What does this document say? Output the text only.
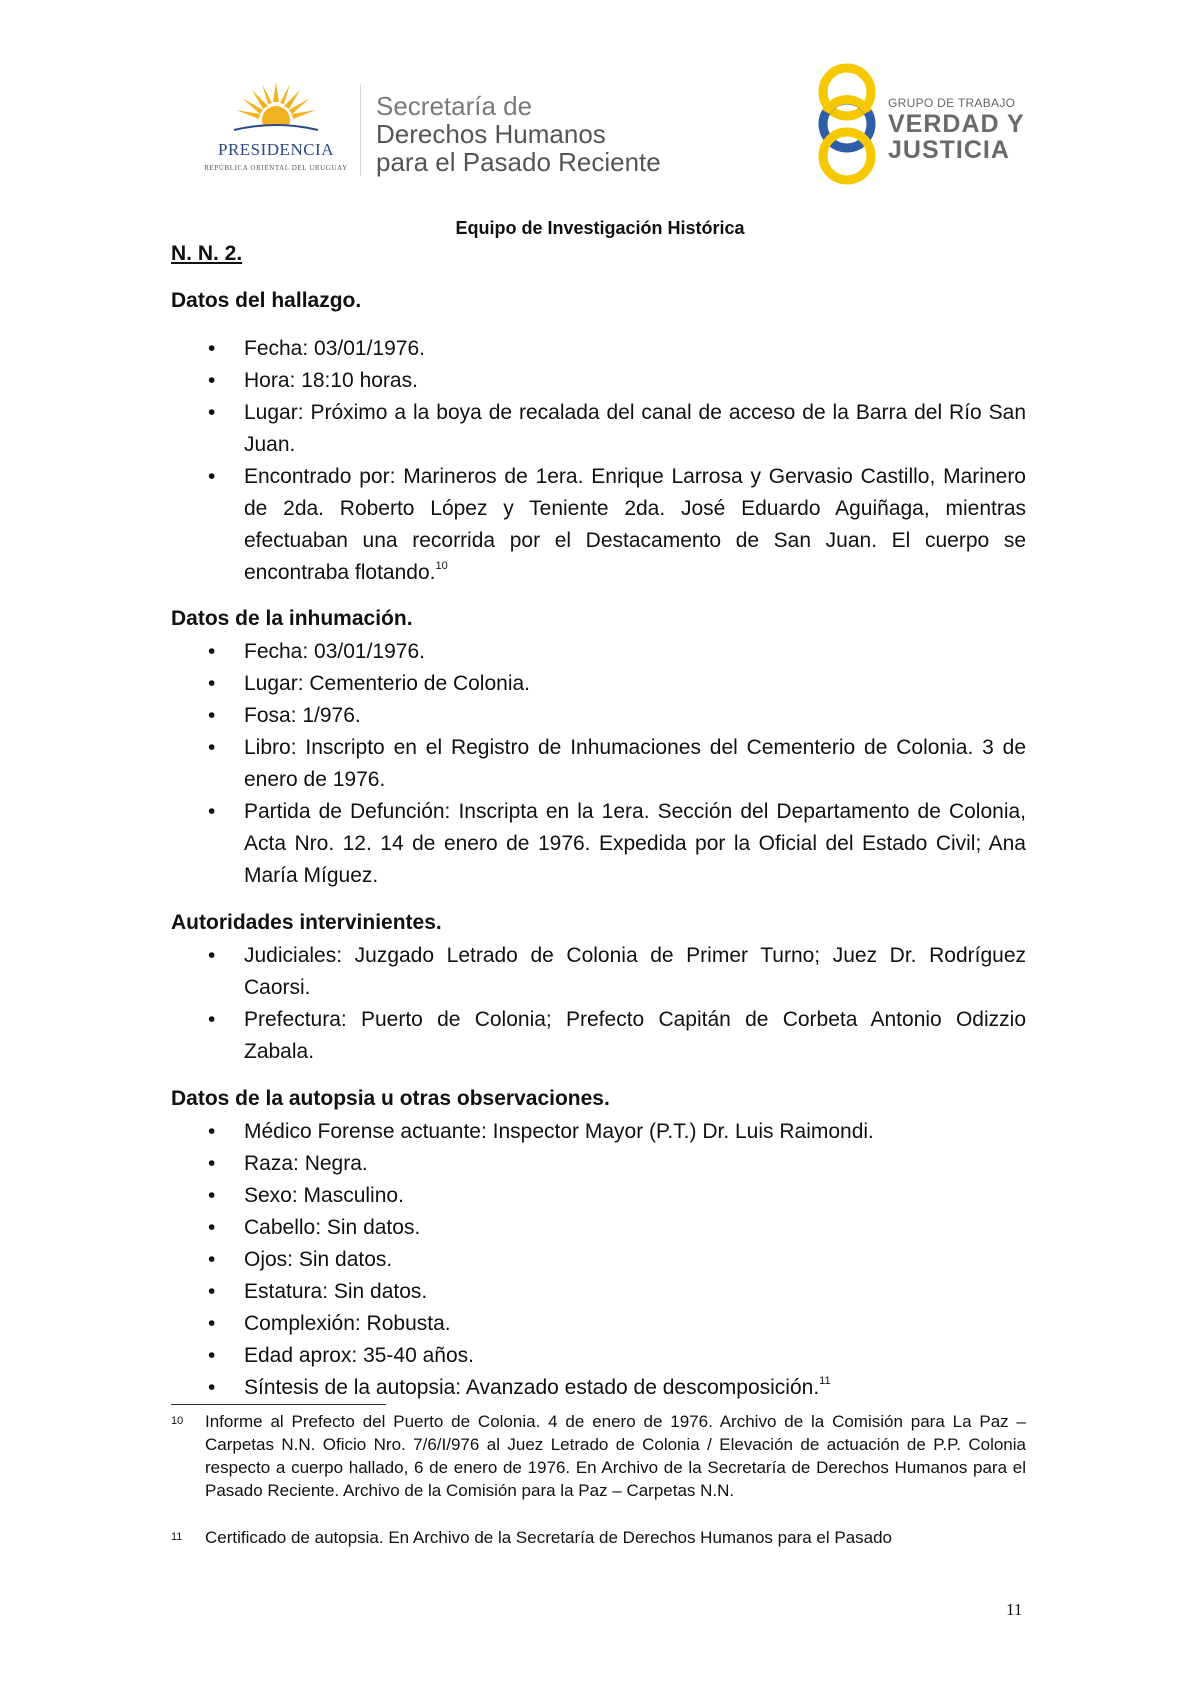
PRESIDENCIA
REPÚBLICA ORIENTAL DEL URUGUAY
Secretaría de
Derechos Humanos
para el Pasado Reciente
GRUPO DE TRABAJO
VERDAD Y
JUSTICIA
Equipo de Investigación Histórica
N. N. 2.
Datos del hallazgo.
• Fecha: 03/01/1976.
• Hora: 18:10 horas.
• Lugar: Próximo a la boya de recalada del canal de acceso de la Barra del Río San Juan.
• Encontrado por: Marineros de 1era. Enrique Larrosa y Gervasio Castillo, Marinero de 2da. Roberto López y Teniente 2da. José Eduardo Aguiñaga, mientras efectuaban una recorrida por el Destacamento de San Juan. El cuerpo se encontraba flotando.$^{10}$
Datos de la inhumación.
• Fecha: 03/01/1976.
• Lugar: Cementerio de Colonia.
• Fosa: 1/976.
• Libro: Inscripto en el Registro de Inhumaciones del Cementerio de Colonia. 3 de enero de 1976.
• Partida de Defunción: Inscripta en la 1era. Sección del Departamento de Colonia, Acta Nro. 12. 14 de enero de 1976. Expedida por la Oficial del Estado Civil; Ana María Míguez.
Autoridades intervinientes.
• Judiciales: Juzgado Letrado de Colonia de Primer Turno; Juez Dr. Rodríguez Caorsi.
• Prefectura: Puerto de Colonia; Prefecto Capitán de Corbeta Antonio Odizzio Zabala.
Datos de la autopsia u otras observaciones.
• Médico Forense actuante: Inspector Mayor (P.T.) Dr. Luis Raimondi.
• Raza: Negra.
• Sexo: Masculino.
• Cabello: Sin datos.
• Ojos: Sin datos.
• Estatura: Sin datos.
• Complexión: Robusta.
• Edad aprox: 35-40 años.
• Síntesis de la autopsia: Avanzado estado de descomposición.$^{11}$
10 Informe al Prefecto del Puerto de Colonia. 4 de enero de 1976. Archivo de la Comisión para La Paz – Carpetas N.N. Oficio Nro. 7/6/I/976 al Juez Letrado de Colonia / Elevación de actuación de P.P. Colonia respecto a cuerpo hallado, 6 de enero de 1976. En Archivo de la Secretaría de Derechos Humanos para el Pasado Reciente. Archivo de la Comisión para la Paz – Carpetas N.N.
11 Certificado de autopsia. En Archivo de la Secretaría de Derechos Humanos para el Pasado
11
